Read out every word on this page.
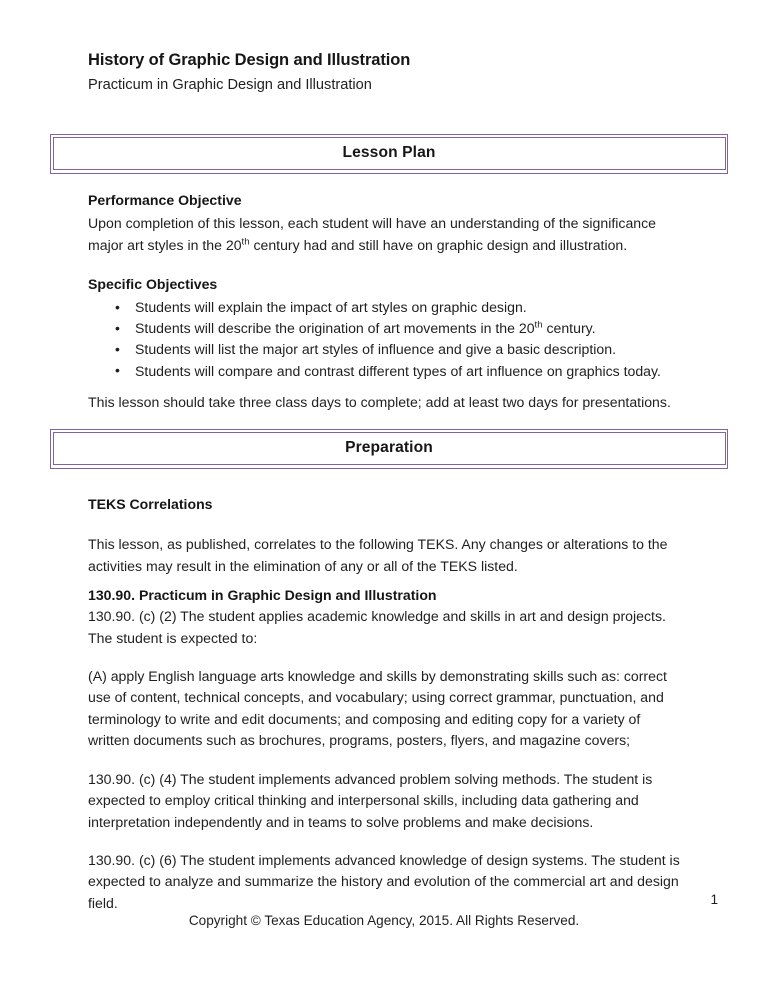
History of Graphic Design and Illustration

Practicum in Graphic Design and Illustration

Lesson Plan

Performance Objective

Upon completion of this lesson, each student will have an understanding of the significance major art styles in the 20th century had and still have on graphic design and illustration.

Specific Objectives

• Students will explain the impact of art styles on graphic design.
• Students will describe the origination of art movements in the 20th century.
• Students will list the major art styles of influence and give a basic description.
• Students will compare and contrast different types of art influence on graphics today.

This lesson should take three class days to complete; add at least two days for presentations.

Preparation

TEKS Correlations

This lesson, as published, correlates to the following TEKS. Any changes or alterations to the activities may result in the elimination of any or all of the TEKS listed.

130.90. Practicum in Graphic Design and Illustration

130.90. (c) (2) The student applies academic knowledge and skills in art and design projects. The student is expected to:

(A) apply English language arts knowledge and skills by demonstrating skills such as: correct use of content, technical concepts, and vocabulary; using correct grammar, punctuation, and terminology to write and edit documents; and composing and editing copy for a variety of written documents such as brochures, programs, posters, flyers, and magazine covers;

130.90. (c) (4) The student implements advanced problem solving methods. The student is expected to employ critical thinking and interpersonal skills, including data gathering and interpretation independently and in teams to solve problems and make decisions.

130.90. (c) (6) The student implements advanced knowledge of design systems. The student is expected to analyze and summarize the history and evolution of the commercial art and design field.	1
Copyright © Texas Education Agency, 2015. All Rights Reserved.
